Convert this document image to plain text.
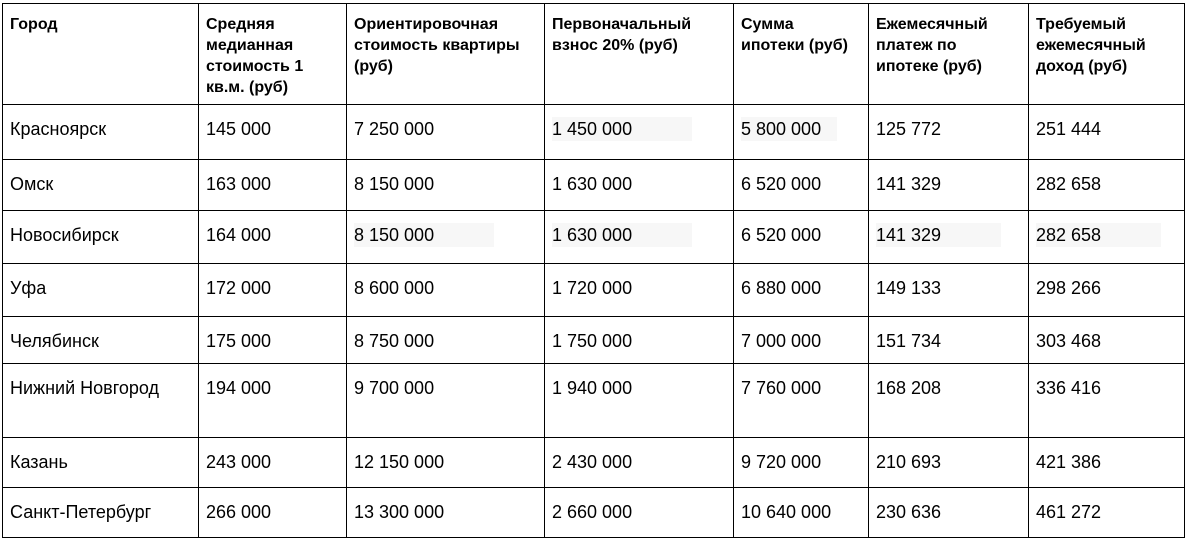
Город	Средняя медианная стоимость 1 кв.м. (руб)	Ориентировочная стоимость квартиры (руб)	Первоначальный взнос 20% (руб)	Сумма ипотеки (руб)	Ежемесячный платеж по ипотеке (руб)	Требуемый ежемесячный доход (руб)
Красноярск	145 000	7 250 000	1 450 000	5 800 000	125 772	251 444
Омск	163 000	8 150 000	1 630 000	6 520 000	141 329	282 658
Новосибирск	164 000	8 150 000	1 630 000	6 520 000	141 329	282 658
Уфа	172 000	8 600 000	1 720 000	6 880 000	149 133	298 266
Челябинск	175 000	8 750 000	1 750 000	7 000 000	151 734	303 468
Нижний Новгород	194 000	9 700 000	1 940 000	7 760 000	168 208	336 416
Казань	243 000	12 150 000	2 430 000	9 720 000	210 693	421 386
Санкт-Петербург	266 000	13 300 000	2 660 000	10 640 000	230 636	461 272
